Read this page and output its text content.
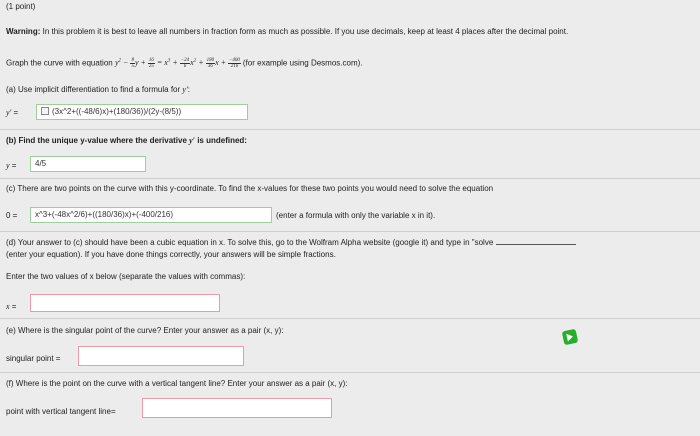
(1 point)
Warning: In this problem it is best to leave all numbers in fraction form as much as possible. If you use decimals, keep at least 4 places after the decimal point.
Graph the curve with equation $y^2 - \frac{8}{5}$ $y + \frac{16}{25} = x^3 + \frac{-24}{6} x^2 + \frac{180}{36}$ $x + \frac{-400}{216} (for$ example using Desmos.com).
(a) Use implicit differentiation to find a formula for y′:
y′ =	(3x^2+((-48/6)x)+(180/36))/(2y-(8/5))
(b) Find the unique y-value where the derivative y′ is undefined:
y =	4/5
(c) There are two points on the curve with this y-coordinate. To find the x-values for these two points you would need to solve the equation
0 =	x^3+(-48x^2/6)+((180/36)x)+(-400/216)	(enter a formula with only the variable x in it).
(d) Your answer to (c) should have been a cubic equation in x. To solve this, go to the Wolfram Alpha website (google it) and type in "solve
(enter your equation). If you have done things correctly, your answers will be simple fractions.
Enter the two values of x below (separate the values with commas):
x =
(e) Where is the singular point of the curve? Enter your answer as a pair (x, y):
singular point =
(f) Where is the point on the curve with a vertical tangent line? Enter your answer as a pair (x, y):
point with vertical tangent line=
